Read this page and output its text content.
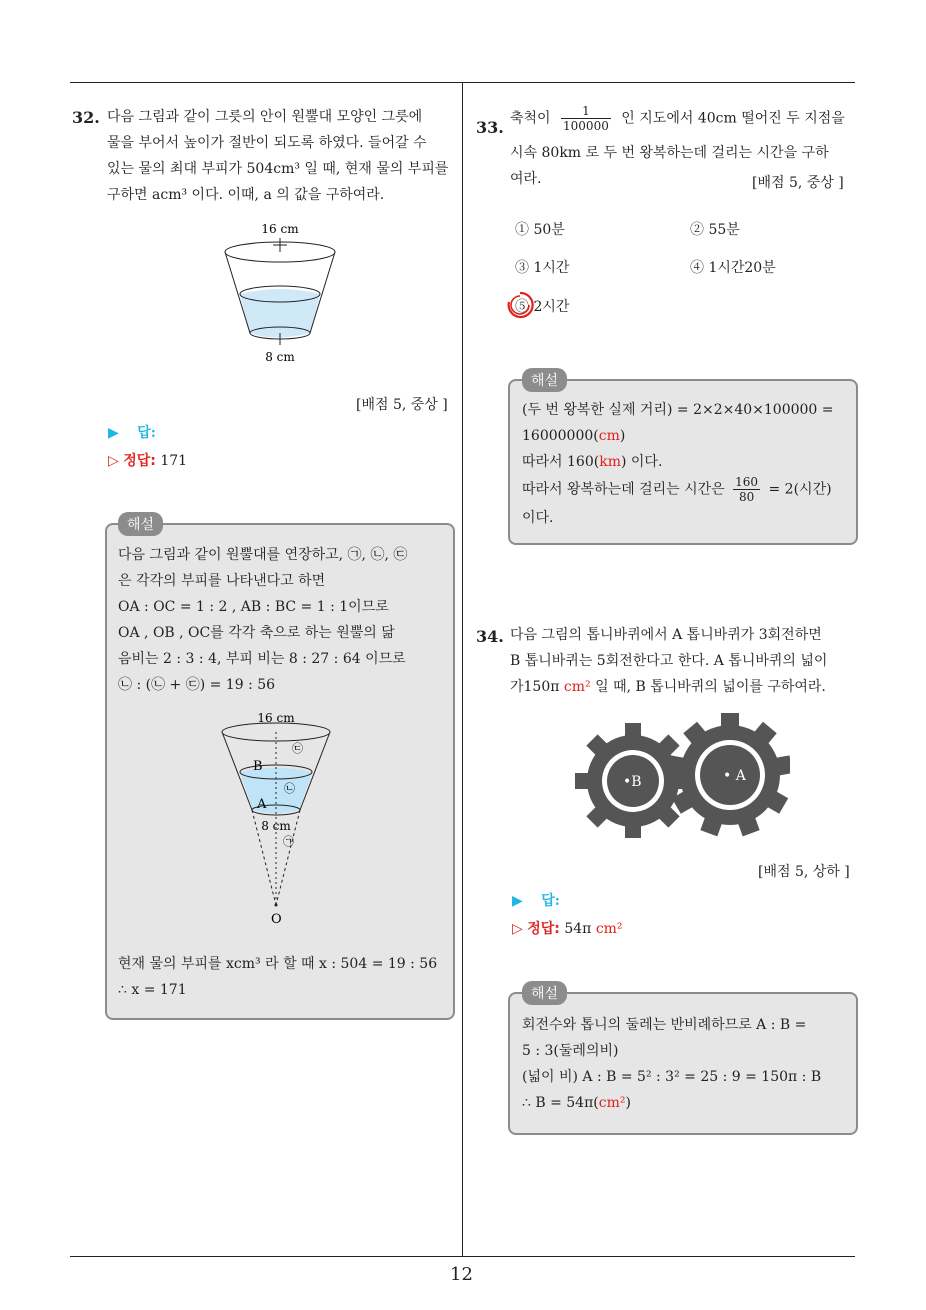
12
32. 다음 그림과 같이 그릇의 안이 원뿔대 모양인 그릇에
물을 부어서 높이가 절반이 되도록 하였다. 들어갈 수
있는 물의 최대 부피가 504cm³ 일 때, 현재 물의 부피를
구하면 acm³ 이다. 이때, a 의 값을 구하여라.
16 cm
8 cm
[배점 5, 중상 ]
▶ 답:
▷ 정답: 171
다음 그림과 같이 원뿔대를 연장하고, ㉠, ㉡, ㉢
은 각각의 부피를 나타낸다고 하면
OA : OC = 1 : 2 , AB : BC = 1 : 1이므로
OA , OB , OC를 각각 축으로 하는 원뿔의 닮
음비는 2 : 3 : 4, 부피 비는 8 : 27 : 64 이므로
㉡ : (㉡ + ㉢) = 19 : 56
16 cm
8 cm
B
A
O
㉠
㉡
㉢
현재 물의 부피를 xcm³ 라 할 때 x : 504 = 19 : 56
∴ x = 171
해설
33. 축척이 $\frac{1}{100000}$ 인 지도에서 40cm 떨어진 두 지점을
시속 80km 로 두 번 왕복하는데 걸리는 시간을 구하
여라.	[배점 5, 중상 ]
① 50분	② 55분
③ 1시간	④ 1시간20분
⑤ 2시간
(두 번 왕복한 실제 거리) = 2×2×40×100000 =
16000000(cm)
따라서 160(km) 이다.
따라서 왕복하는데 걸리는 시간은 $\frac{160}{80} = 2$(시간)
이다.
해설
34. 다음 그림의 톱니바퀴에서 A 톱니바퀴가 3회전하면
B 톱니바퀴는 5회전한다고 한다. A 톱니바퀴의 넓이
가150π cm² 일 때, B 톱니바퀴의 넓이를 구하여라.
•B	• A
[배점 5, 상하 ]
▶ 답:
▷ 정답: 54π cm²
회전수와 톱니의 둘레는 반비례하므로 A : B =
5 : 3(둘레의비)
(넓이 비) A : B = 5² : 3² = 25 : 9 = 150π : B
∴ B = 54π(cm²)
해설
